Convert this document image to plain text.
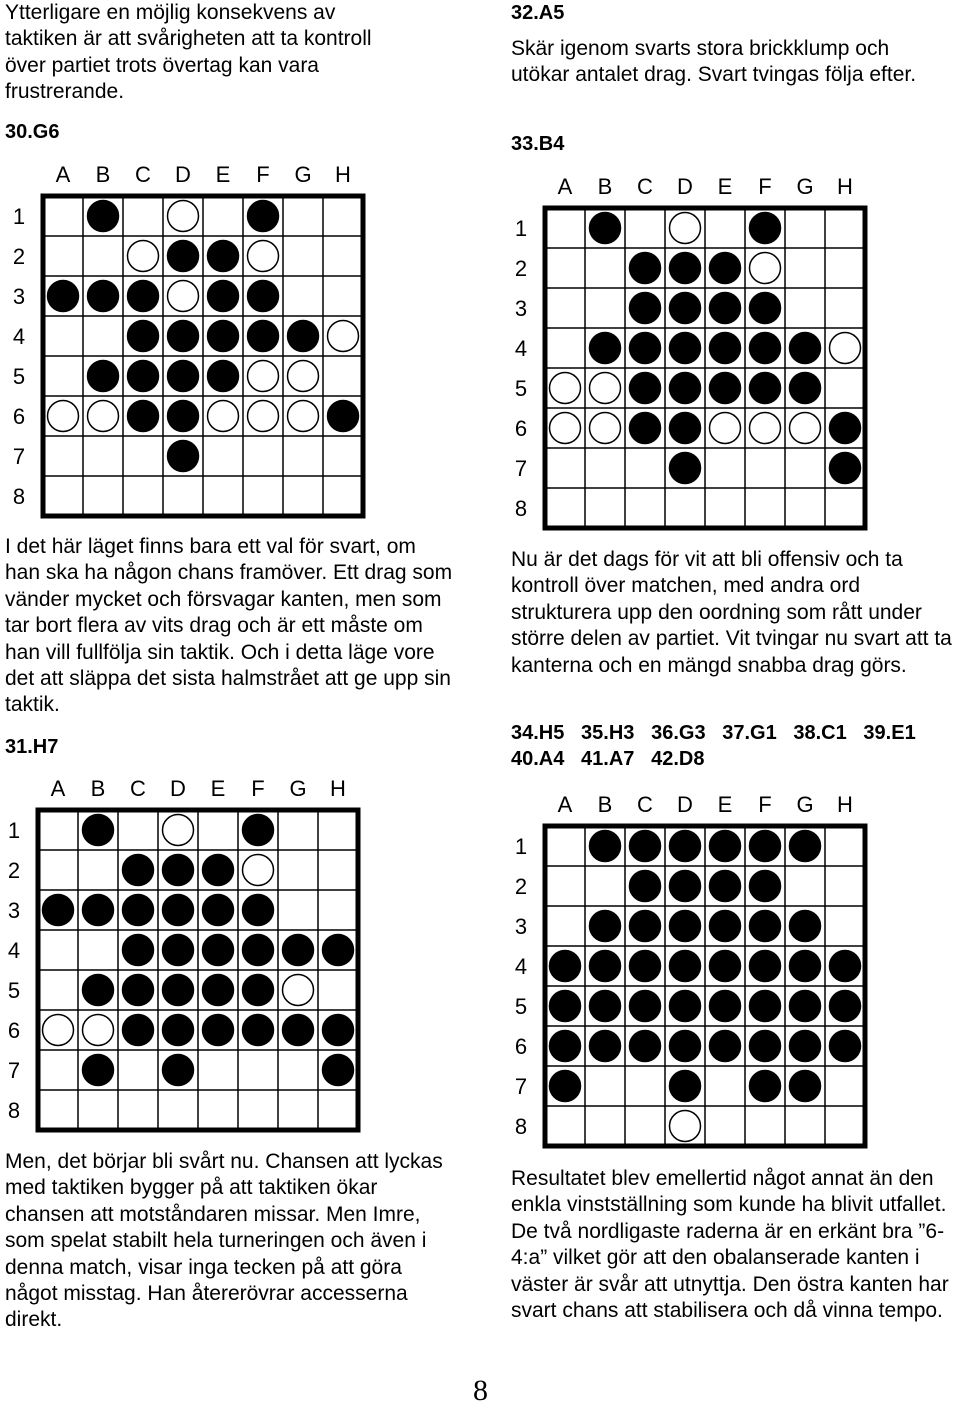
Ytterligare en möjlig konsekvens av taktiken är att svårigheten att ta kontroll över partiet trots övertag kan vara frustrerande.

30.G6
A B C D E F G H
1
2
3
4
5
6
7
8

I det här läget finns bara ett val för svart, om han ska ha någon chans framöver. Ett drag som vänder mycket och försvagar kanten, men som tar bort flera av vits drag och är ett måste om han vill fullfölja sin taktik. Och i detta läge vore det att släppa det sista halmstrået att ge upp sin taktik.

31.H7
A B C D E F G H
1
2
3
4
5
6
7
8

Men, det börjar bli svårt nu. Chansen att lyckas med taktiken bygger på att taktiken ökar chansen att motståndaren missar. Men Imre, som spelat stabilt hela turneringen och även i denna match, visar inga tecken på att göra något misstag. Han återerövrar accesserna direkt.

32.A5

Skär igenom svarts stora brickklump och utökar antalet drag. Svart tvingas följa efter.

33.B4
A B C D E F G H
1
2
3
4
5
6
7
8

Nu är det dags för vit att bli offensiv och ta kontroll över matchen, med andra ord strukturera upp den oordning som rått under större delen av partiet. Vit tvingar nu svart att ta kanterna och en mängd snabba drag görs.

34.H5   35.H3   36.G3   37.G1   38.C1   39.E1
40.A4   41.A7   42.D8
A B C D E F G H
1
2
3
4
5
6
7
8

Resultatet blev emellertid något annat än den enkla vinstställning som kunde ha blivit utfallet. De två nordligaste raderna är en erkänt bra ”6-4:a” vilket gör att den obalanserade kanten i väster är svår att utnyttja. Den östra kanten har svart chans att stabilisera och då vinna tempo.

8
